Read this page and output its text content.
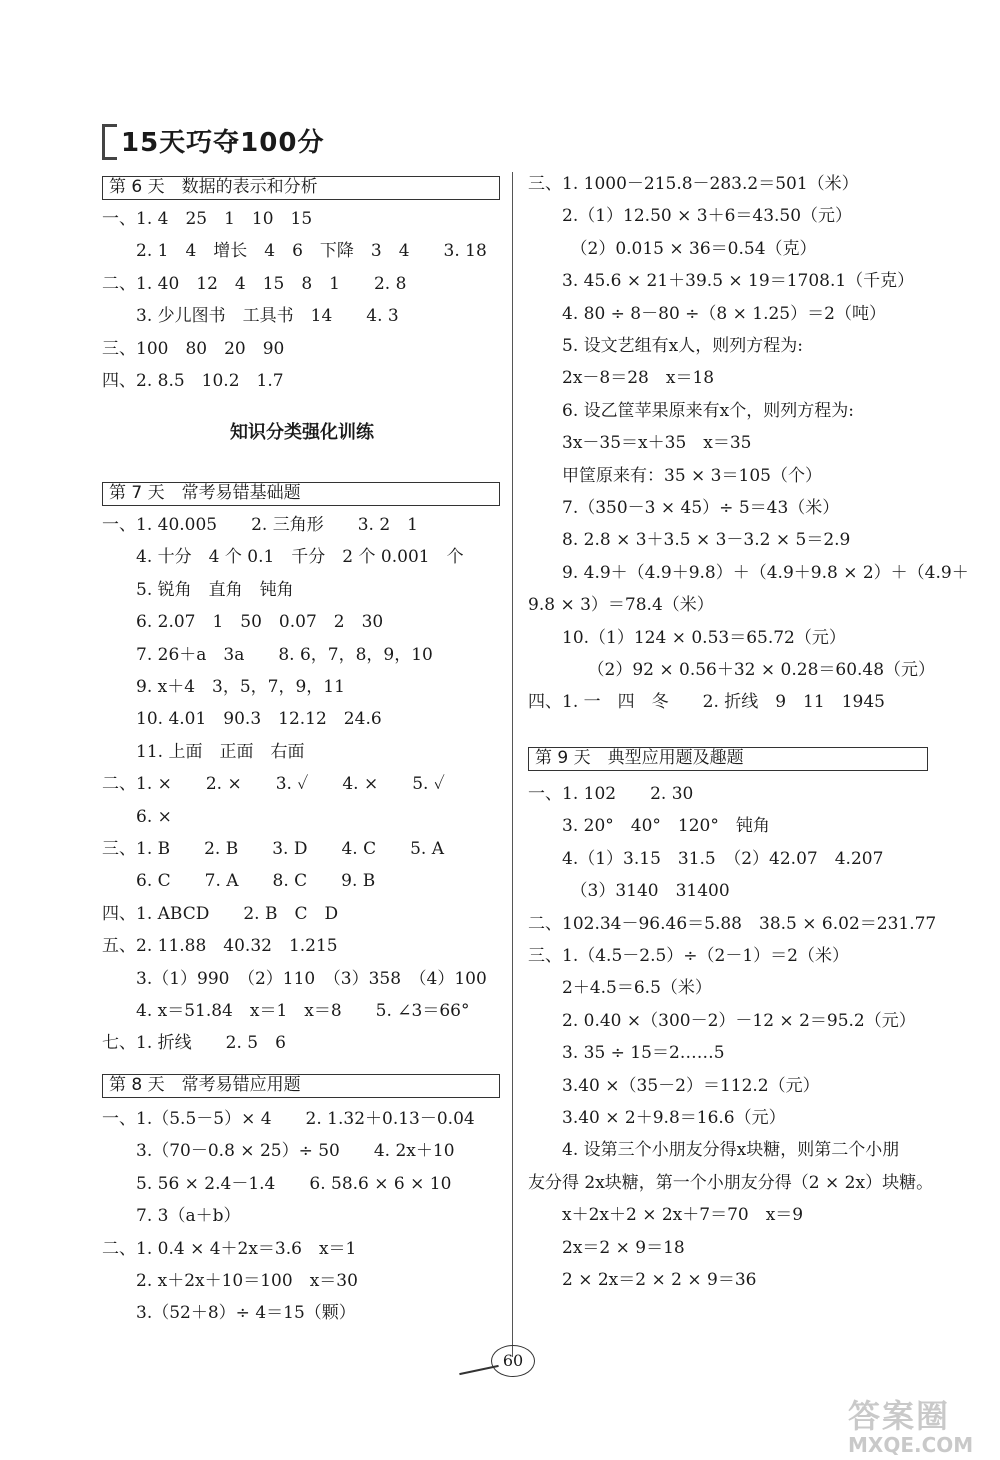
15天巧夺100分
第 6 天　数据的表示和分析
一、1. 4　25　1　10　15
　　2. 1　4　增长　4　6　下降　3　4　　3. 18
二、1. 40　12　4　15　8　1　　2. 8
　　3. 少儿图书　工具书　14　　4. 3
三、100　80　20　90
四、2. 8.5　10.2　1.7
知识分类强化训练
第 7 天　常考易错基础题
一、1. 40.005　　2. 三角形　　3. 2　1
　　4. 十分　4 个 0.1　千分　2 个 0.001　个
　　5. 锐角　直角　钝角
　　6. 2.07　1　50　0.07　2　30
　　7. 26＋a　3a　　8. 6，7，8，9，10
　　9. x＋4　3，5，7，9，11
　　10. 4.01　90.3　12.12　24.6
　　11. 上面　正面　右面
二、1. ×　　2. ×　　3. ✓　　4. ×　　5. ✓
　　6. ×
三、1. B　　2. B　　3. D　　4. C　　5. A
　　6. C　　7. A　　8. C　　9. B
四、1. ABCD　　2. B　C　D
五、2. 11.88　40.32　1.215
　　3.（1）990　（2）110　（3）358　（4）100
　　4. x＝51.84　x＝1　x＝8　　5. ∠3＝66°
七、1. 折线　　2. 5　6
第 8 天　常考易错应用题
一、1.（5.5－5）× 4　　2. 1.32＋0.13－0.04
　　3.（70－0.8 × 25）÷ 50　　4. 2x＋10
　　5. 56 × 2.4－1.4　　6. 58.6 × 6 × 10
　　7. 3（a＋b）
二、1. 0.4 × 4＋2x＝3.6　x＝1
　　2. x＋2x＋10＝100　x＝30
　　3.（52＋8）÷ 4＝15（颗）
三、1. 1000－215.8－283.2＝501（米）
　　2.（1）12.50 × 3＋6＝43.50（元）
　　　（2）0.015 × 36＝0.54（克）
　　3. 45.6 × 21＋39.5 × 19＝1708.1（千克）
　　4. 80 ÷ 8－80 ÷（8 × 1.25）＝2（吨）
　　5. 设文艺组有x人，则列方程为:
　　2x－8＝28　x＝18
　　6. 设乙筐苹果原来有x个，则列方程为:
　　3x－35＝x＋35　x＝35
　　甲筐原来有：35 × 3＝105（个）
　　7.（350－3 × 45）÷ 5＝43（米）
　　8. 2.8 × 3＋3.5 × 3－3.2 × 5＝2.9
　　9. 4.9＋（4.9＋9.8）＋（4.9＋9.8 × 2）＋（4.9＋
9.8 × 3）＝78.4（米）
　　10.（1）124 × 0.53＝65.72（元）
　　　　（2）92 × 0.56＋32 × 0.28＝60.48（元）
四、1. 一　四　冬　　2. 折线　9　11　1945
第 9 天　典型应用题及趣题
一、1. 102　　2. 30
　　3. 20°　40°　120°　钝角
　　4.（1）3.15　31.5　（2）42.07　4.207
　　　（3）3140　31400
二、102.34－96.46＝5.88　38.5 × 6.02＝231.77
三、1.（4.5－2.5）÷（2－1）＝2（米）
　　2＋4.5＝6.5（米）
　　2. 0.40 ×（300－2）－12 × 2＝95.2（元）
　　3. 35 ÷ 15＝2……5
　　3.40 ×（35－2）＝112.2（元）
　　3.40 × 2＋9.8＝16.6（元）
　　4. 设第三个小朋友分得x块糖，则第二个小朋
友分得 2x块糖，第一个小朋友分得（2 × 2x）块糖。
　　x＋2x＋2 × 2x＋7＝70　x＝9
　　2x＝2 × 9＝18
　　2 × 2x＝2 × 2 × 9＝36
60
答案圈
MXQE.COM
